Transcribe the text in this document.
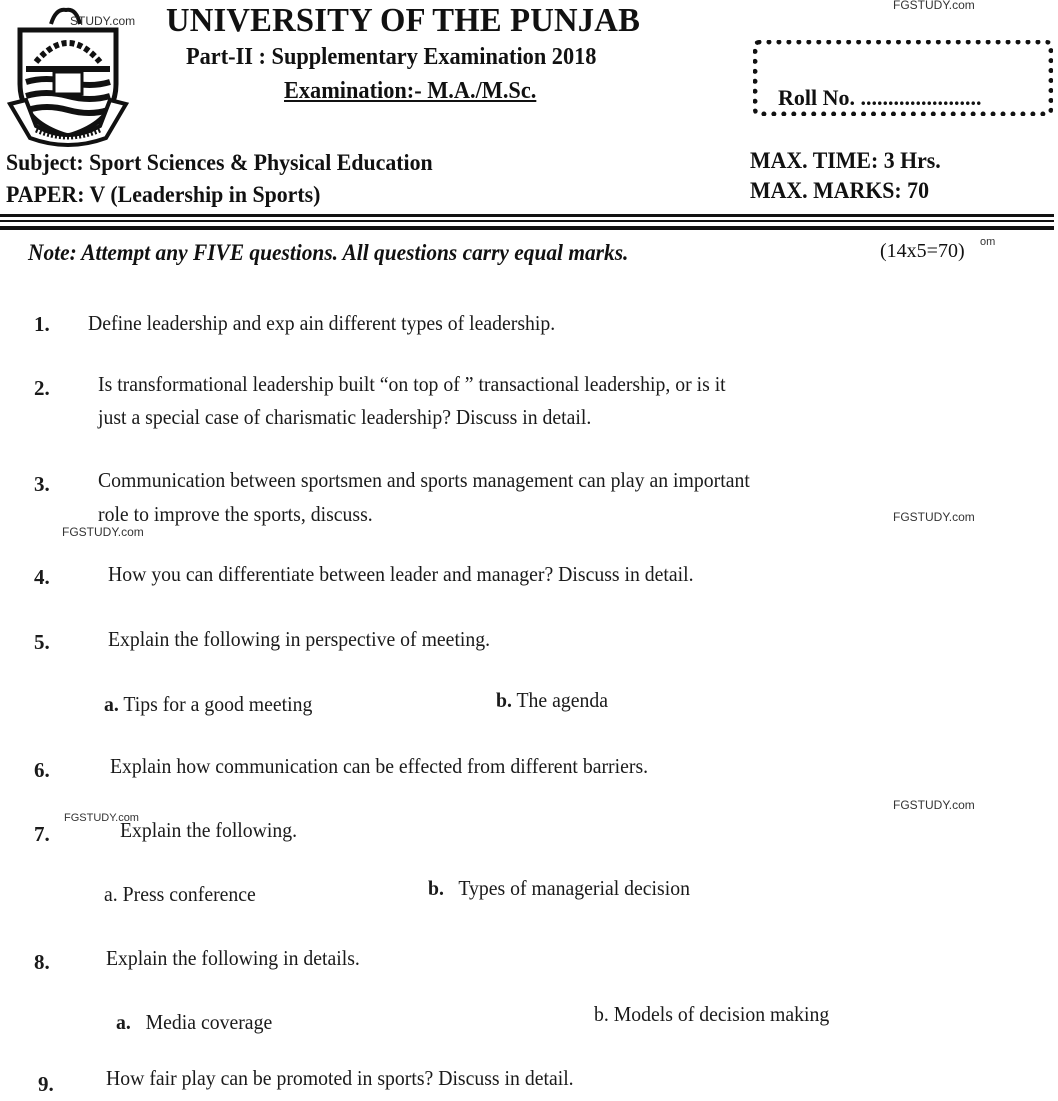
STUDY.com
FGSTUDY.com
UNIVERSITY OF THE PUNJAB
Part-II : Supplementary Examination 2018
Examination:- M.A./M.Sc.	Roll No. ......................
Subject: Sport Sciences & Physical Education
PAPER: V (Leadership in Sports)
MAX. TIME: 3 Hrs.
MAX. MARKS: 70
Note: Attempt any FIVE questions. All questions carry equal marks.	(14x5=70) om
1. Define leadership and exp ain different types of leadership.
2. Is transformational leadership built “on top of ” transactional leadership, or is it
just a special case of charismatic leadership? Discuss in detail.
3. Communication between sportsmen and sports management can play an important
role to improve the sports, discuss.	FGSTUDY.com
FGSTUDY.com
4.	How you can differentiate between leader and manager? Discuss in detail.
5.	Explain the following in perspective of meeting.
a. Tips for a good meeting	b. The agenda
6.	Explain how communication can be effected from different barriers.
FGSTUDY.com
7.
FGSTUDY.com
Explain the following.
a. Press conference	b. Types of managerial decision
8.	Explain the following in details.
a. Media coverage	b. Models of decision making
9. How fair play can be promoted in sports? Discuss in detail.
